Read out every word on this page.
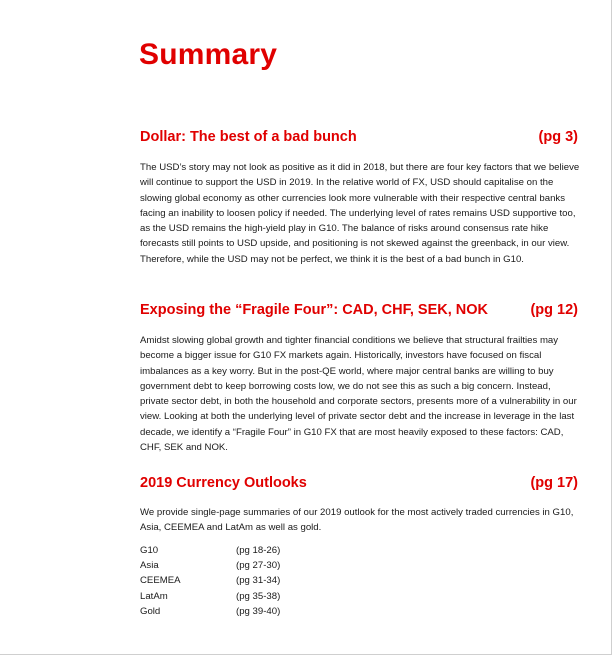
Summary
Dollar: The best of a bad bunch	(pg 3)

The USD’s story may not look as positive as it did in 2018, but there are four key factors that we believe will continue to support the USD in 2019. In the relative world of FX, USD should capitalise on the slowing global economy as other currencies look more vulnerable with their respective central banks facing an inability to loosen policy if needed. The underlying level of rates remains USD supportive too, as the USD remains the high-yield play in G10. The balance of risks around consensus rate hike forecasts still points to USD upside, and positioning is not skewed against the greenback, in our view. Therefore, while the USD may not be perfect, we think it is the best of a bad bunch in G10.

Exposing the “Fragile Four”: CAD, CHF, SEK, NOK	(pg 12)

Amidst slowing global growth and tighter financial conditions we believe that structural frailties may become a bigger issue for G10 FX markets again. Historically, investors have focused on fiscal imbalances as a key worry. But in the post-QE world, where major central banks are willing to buy government debt to keep borrowing costs low, we do not see this as such a big concern. Instead, private sector debt, in both the household and corporate sectors, presents more of a vulnerability in our view. Looking at both the underlying level of private sector debt and the increase in leverage in the last decade, we identify a “Fragile Four” in G10 FX that are most heavily exposed to these factors: CAD, CHF, SEK and NOK.

2019 Currency Outlooks	(pg 17)

We provide single-page summaries of our 2019 outlook for the most actively traded currencies in G10, Asia, CEEMEA and LatAm as well as gold.

G10	(pg 18-26)
Asia	(pg 27-30)
CEEMEA	(pg 31-34)
LatAm	(pg 35-38)
Gold	(pg 39-40)
